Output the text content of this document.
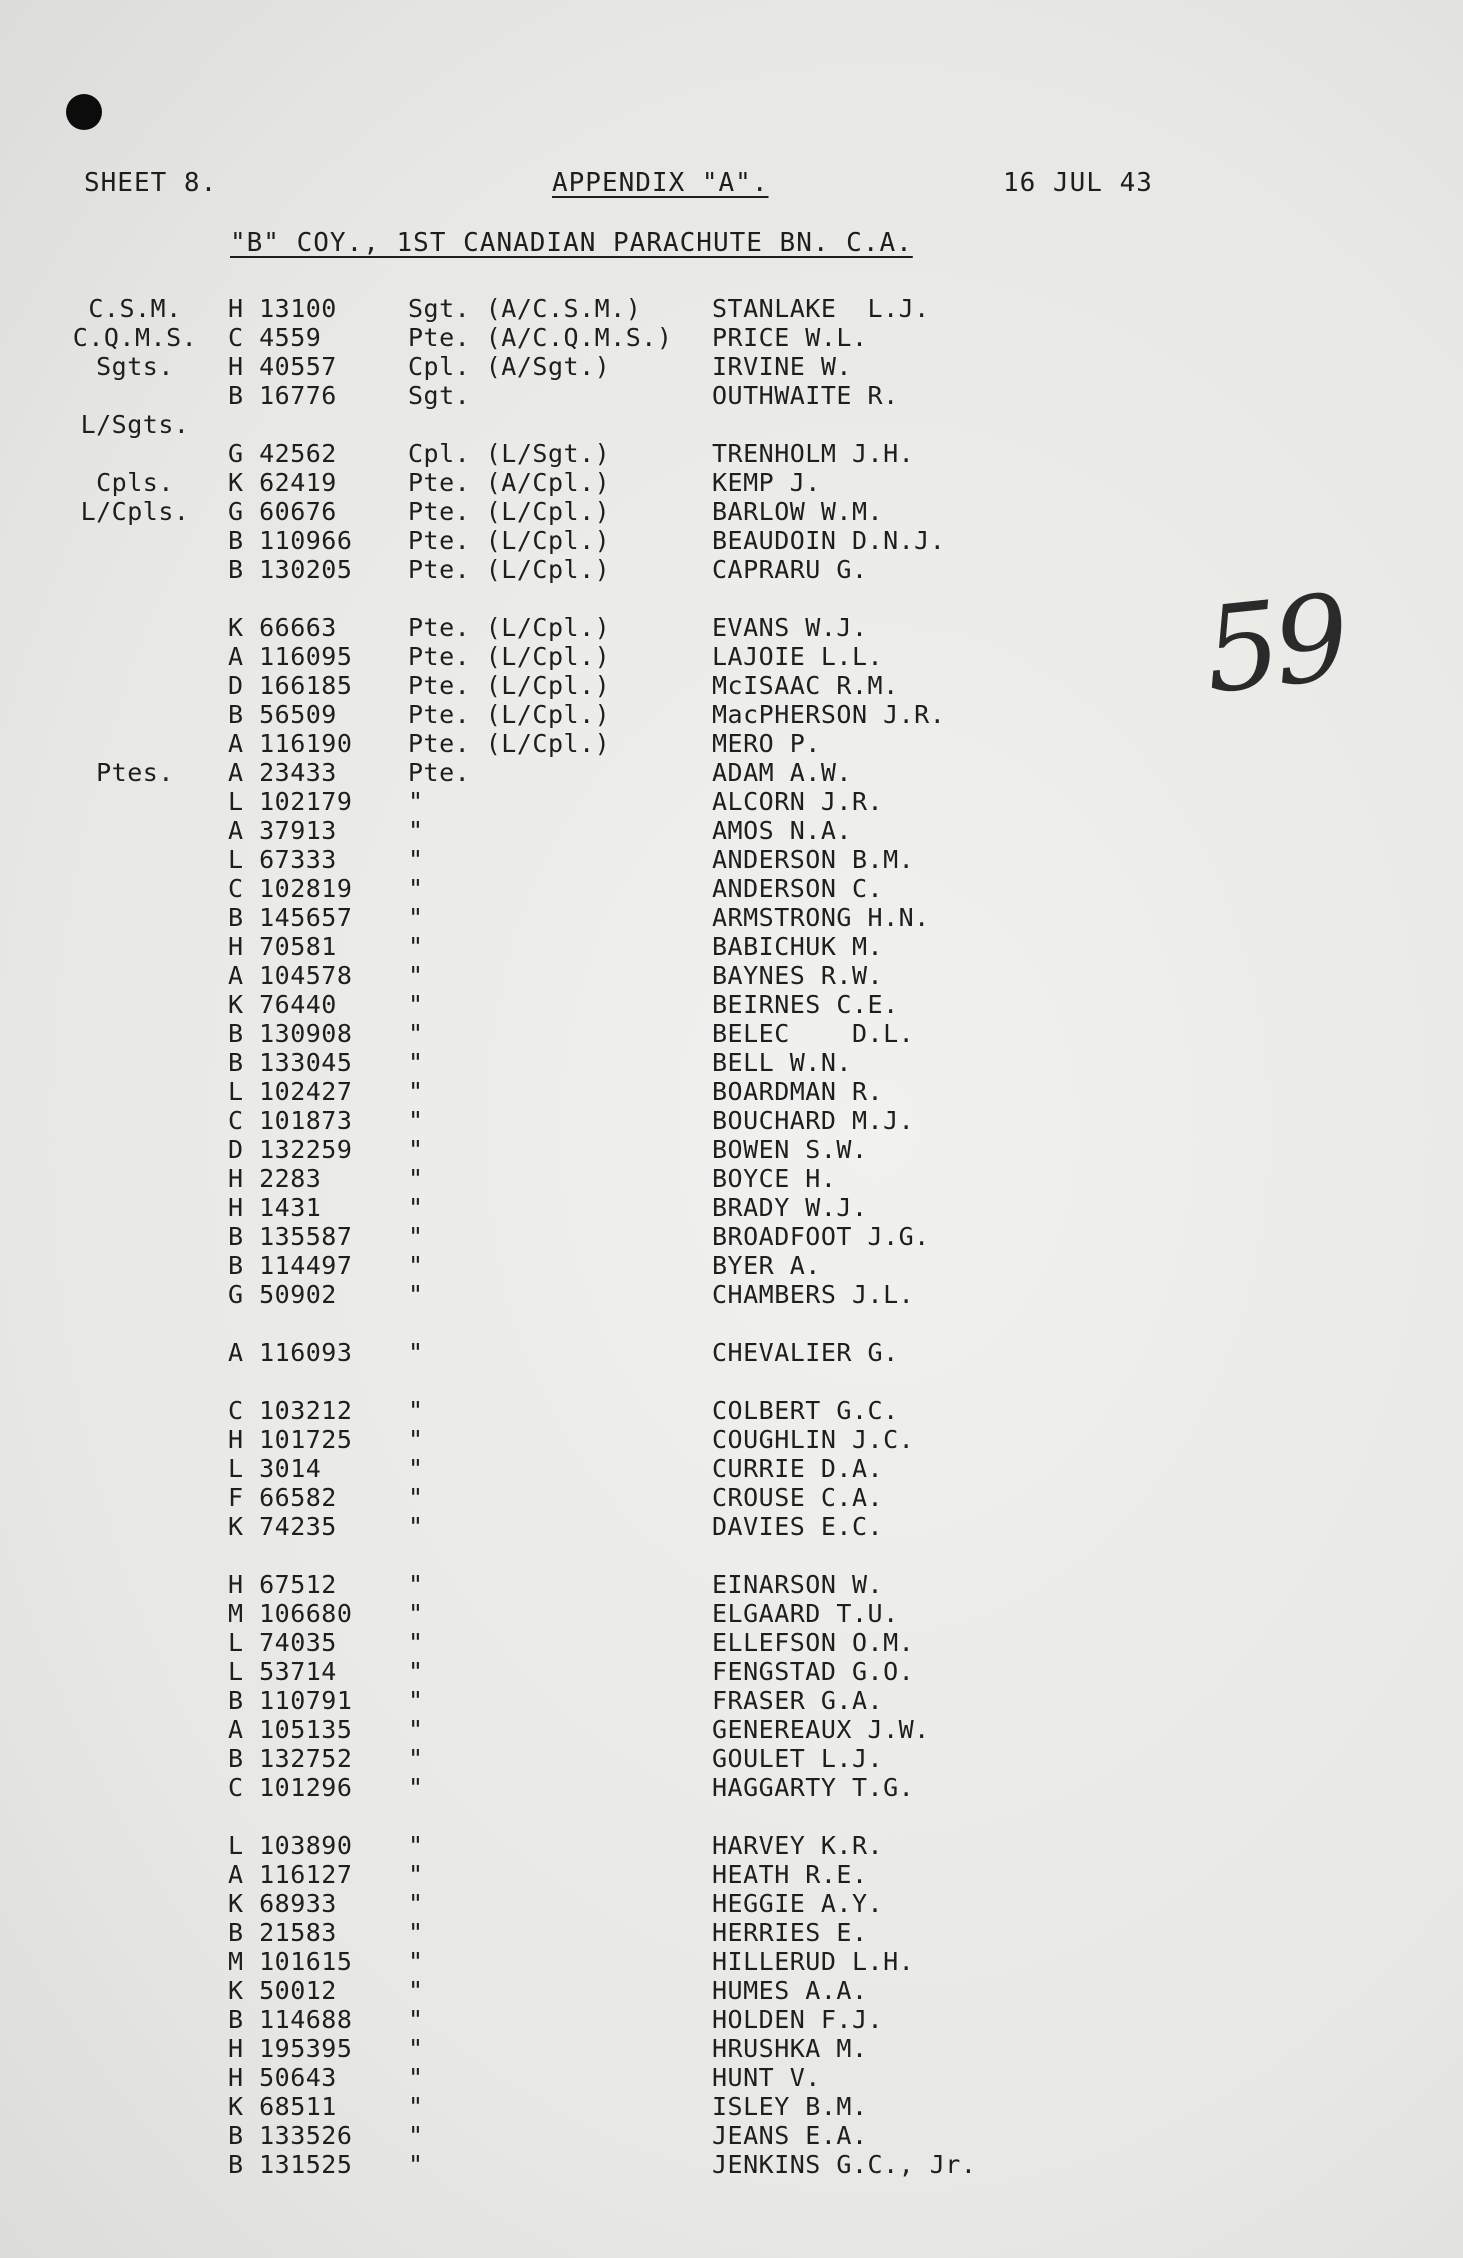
SHEET 8.	APPENDIX "A".	16 JUL 43
"B" COY., 1ST CANADIAN PARACHUTE BN. C.A.
59
C.S.M.	H 13100	Sgt. (A/C.S.M.)	STANLAKE  L.J.
C.Q.M.S.	C 4559	Pte. (A/C.Q.M.S.) PRICE W.L.
Sgts.	H 40557	Cpl. (A/Sgt.)	IRVINE W.
B 16776	Sgt.	OUTHWAITE R.
L/Sgts.
G 42562	Cpl. (L/Sgt.)	TRENHOLM J.H.
Cpls.	K 62419	Pte. (A/Cpl.)	KEMP J.
L/Cpls.	G 60676	Pte. (L/Cpl.)	BARLOW W.M.
B 110966 Pte. (L/Cpl.)	BEAUDOIN D.N.J.
B 130205 Pte. (L/Cpl.)	CAPRARU G.
K 66663	Pte. (L/Cpl.)	EVANS W.J.
A 116095 Pte. (L/Cpl.)	LAJOIE L.L.
D 166185 Pte. (L/Cpl.)	McISAAC R.M.
B 56509	Pte. (L/Cpl.)	MacPHERSON J.R.
A 116190 Pte. (L/Cpl.)	MERO P.
Ptes.	A 23433	Pte.	ADAM A.W.
L 102179 "	ALCORN J.R.
A 37913	"	AMOS N.A.
L 67333	"	ANDERSON B.M.
C 102819 "	ANDERSON C.
B 145657 "	ARMSTRONG H.N.
H 70581	"	BABICHUK M.
A 104578 "	BAYNES R.W.
K 76440	"	BEIRNES C.E.
B 130908 "	BELEC    D.L.
B 133045 "	BELL W.N.
L 102427 "	BOARDMAN R.
C 101873 "	BOUCHARD M.J.
D 132259 "	BOWEN S.W.
H 2283	"	BOYCE H.
H 1431	"	BRADY W.J.
B 135587 "	BROADFOOT J.G.
B 114497 "	BYER A.
G 50902	"	CHAMBERS J.L.
A 116093 "	CHEVALIER G.
C 103212 "	COLBERT G.C.
H 101725 "	COUGHLIN J.C.
L 3014	"	CURRIE D.A.
F 66582	"	CROUSE C.A.
K 74235	"	DAVIES E.C.
H 67512	"	EINARSON W.
M 106680 "	ELGAARD T.U.
L 74035	"	ELLEFSON O.M.
L 53714	"	FENGSTAD G.O.
B 110791 "	FRASER G.A.
A 105135 "	GENEREAUX J.W.
B 132752 "	GOULET L.J.
C 101296 "	HAGGARTY T.G.
L 103890 "	HARVEY K.R.
A 116127 "	HEATH R.E.
K 68933	"	HEGGIE A.Y.
B 21583	"	HERRIES E.
M 101615 "	HILLERUD L.H.
K 50012	"	HUMES A.A.
B 114688 "	HOLDEN F.J.
H 195395 "	HRUSHKA M.
H 50643	"	HUNT V.
K 68511	"	ISLEY B.M.
B 133526 "	JEANS E.A.
B 131525 "	JENKINS G.C., Jr.
